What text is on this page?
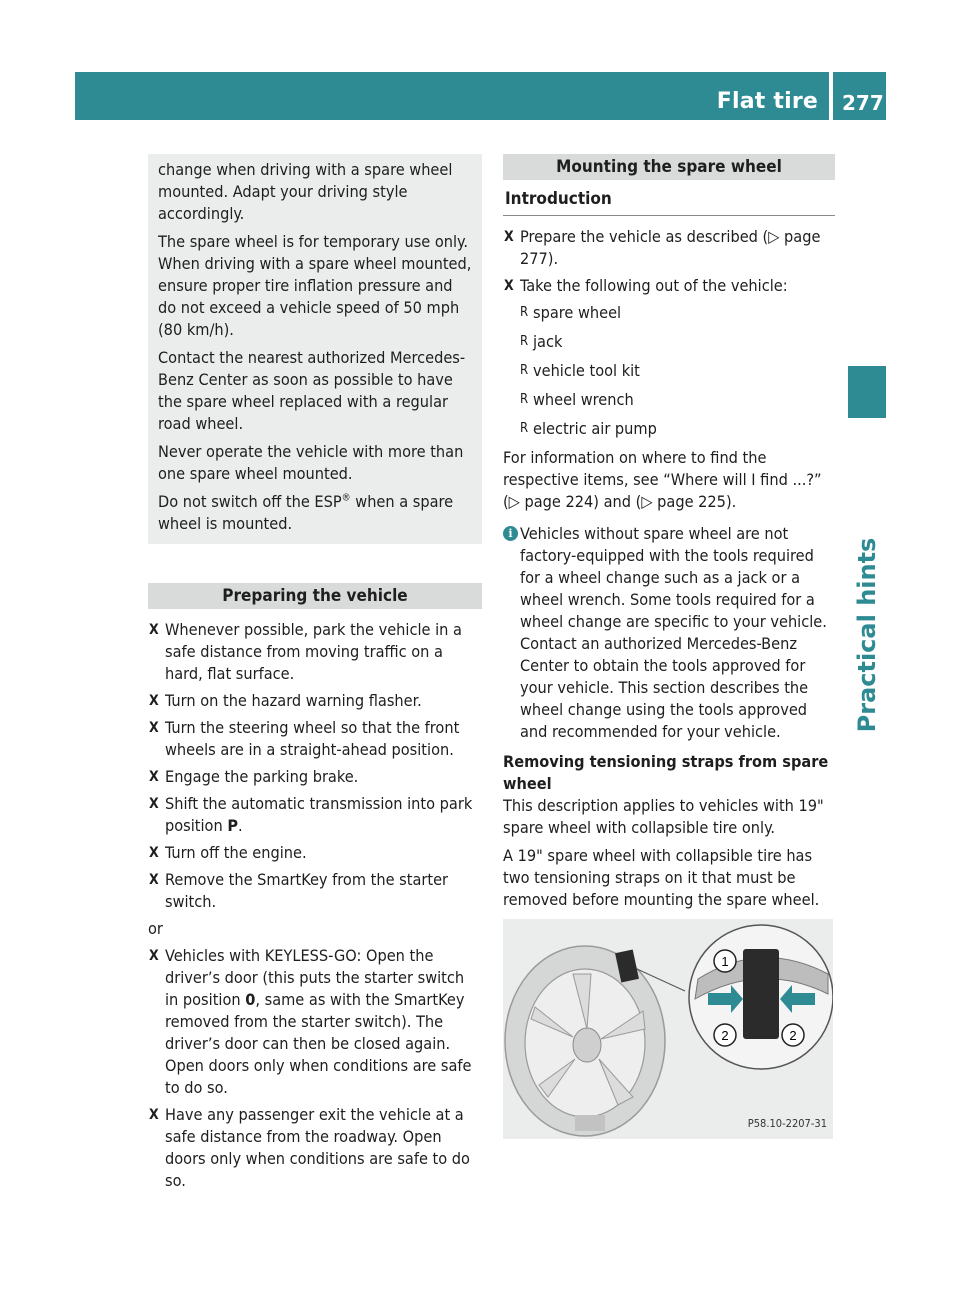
Flat tire 277
Practical hints

change when driving with a spare wheel mounted. Adapt your driving style accordingly.

The spare wheel is for temporary use only. When driving with a spare wheel mounted, ensure proper tire inflation pressure and do not exceed a vehicle speed of 50 mph (80 km/h).

Contact the nearest authorized Mercedes-Benz Center as soon as possible to have the spare wheel replaced with a regular road wheel.

Never operate the vehicle with more than one spare wheel mounted.

Do not switch off the ESP® when a spare wheel is mounted.

Preparing the vehicle
X Whenever possible, park the vehicle in a safe distance from moving traffic on a hard, flat surface.
X Turn on the hazard warning flasher.
X Turn the steering wheel so that the front wheels are in a straight-ahead position.
X Engage the parking brake.
X Shift the automatic transmission into park position P.
X Turn off the engine.
X Remove the SmartKey from the starter switch.
or
X Vehicles with KEYLESS-GO: Open the driver’s door (this puts the starter switch in position 0, same as with the SmartKey removed from the starter switch). The driver’s door can then be closed again. Open doors only when conditions are safe to do so.
X Have any passenger exit the vehicle at a safe distance from the roadway. Open doors only when conditions are safe to do so.
Mounting the spare wheel
Introduction
X Prepare the vehicle as described (▷ page 277).
X Take the following out of the vehicle:
R spare wheel
R jack
R vehicle tool kit
R wheel wrench
R electric air pump
For information on where to find the respective items, see “Where will I find ...?” (▷ page 224) and (▷ page 225).
i Vehicles without spare wheel are not factory-equipped with the tools required for a wheel change such as a jack or a wheel wrench. Some tools required for a wheel change are specific to your vehicle. Contact an authorized Mercedes-Benz Center to obtain the tools approved for your vehicle. This section describes the wheel change using the tools approved and recommended for your vehicle.
Removing tensioning straps from spare wheel
This description applies to vehicles with 19" spare wheel with collapsible tire only.
A 19" spare wheel with collapsible tire has two tensioning straps on it that must be removed before mounting the spare wheel.
1
2	2
P58.10-2207-31
